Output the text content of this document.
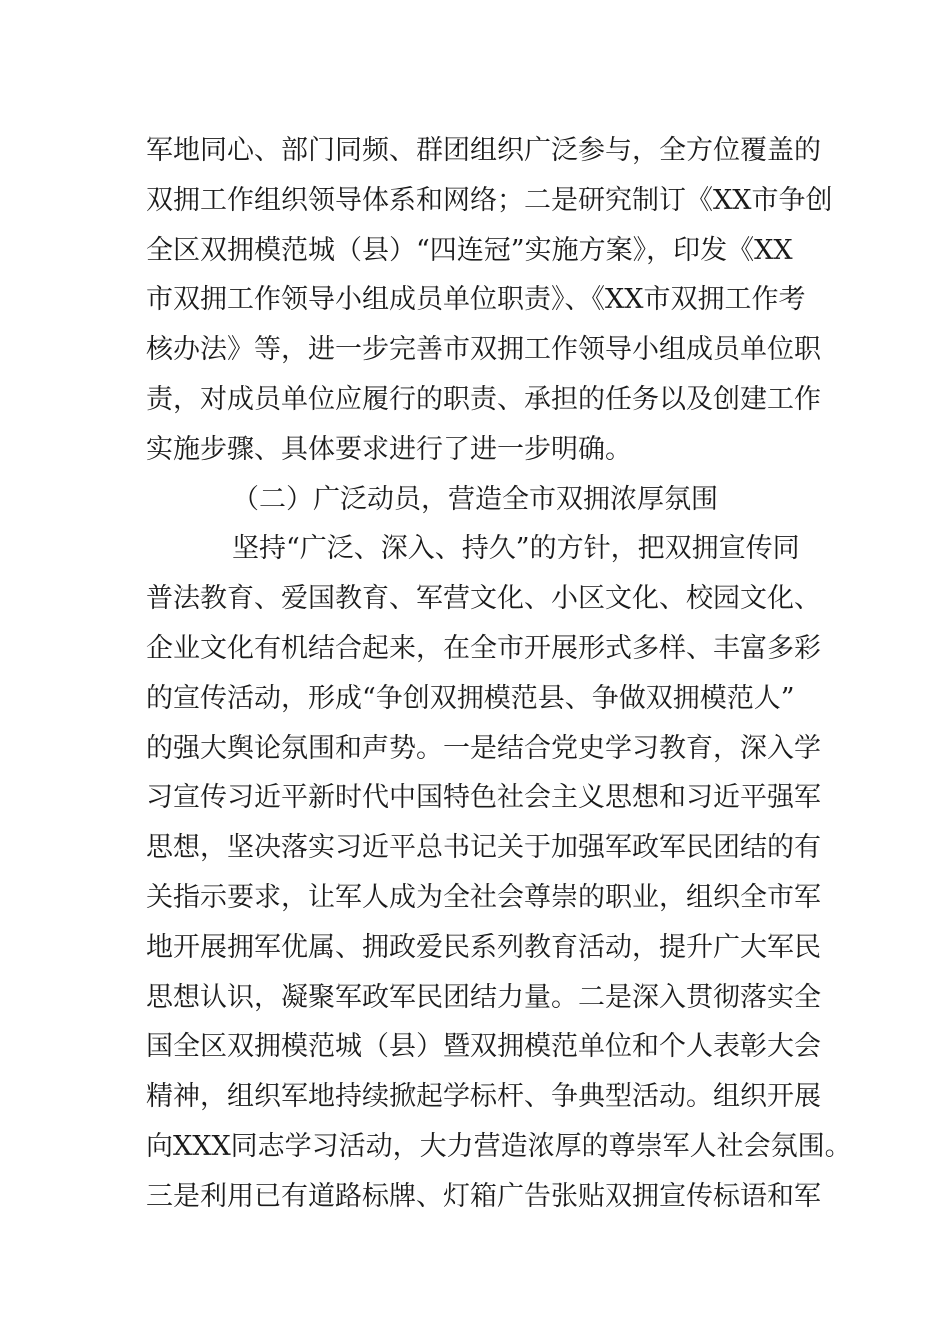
军地同心、部门同频、群团组织广泛参与，全方位覆盖的
双拥工作组织领导体系和网络；二是研究制订《XX市争创
全区双拥模范城（县）“四连冠”实施方案》，印发《XX
市双拥工作领导小组成员单位职责》、《XX市双拥工作考
核办法》等，进一步完善市双拥工作领导小组成员单位职
责，对成员单位应履行的职责、承担的任务以及创建工作
实施步骤、具体要求进行了进一步明确。
（二）广泛动员，营造全市双拥浓厚氛围
坚持“广泛、深入、持久”的方针，把双拥宣传同
普法教育、爱国教育、军营文化、小区文化、校园文化、
企业文化有机结合起来，在全市开展形式多样、丰富多彩
的宣传活动，形成“争创双拥模范县、争做双拥模范人”
的强大舆论氛围和声势。一是结合党史学习教育，深入学
习宣传习近平新时代中国特色社会主义思想和习近平强军
思想，坚决落实习近平总书记关于加强军政军民团结的有
关指示要求，让军人成为全社会尊崇的职业，组织全市军
地开展拥军优属、拥政爱民系列教育活动，提升广大军民
思想认识，凝聚军政军民团结力量。二是深入贯彻落实全
国全区双拥模范城（县）暨双拥模范单位和个人表彰大会
精神，组织军地持续掀起学标杆、争典型活动。组织开展
向XXX同志学习活动，大力营造浓厚的尊崇军人社会氛围。
三是利用已有道路标牌、灯箱广告张贴双拥宣传标语和军
